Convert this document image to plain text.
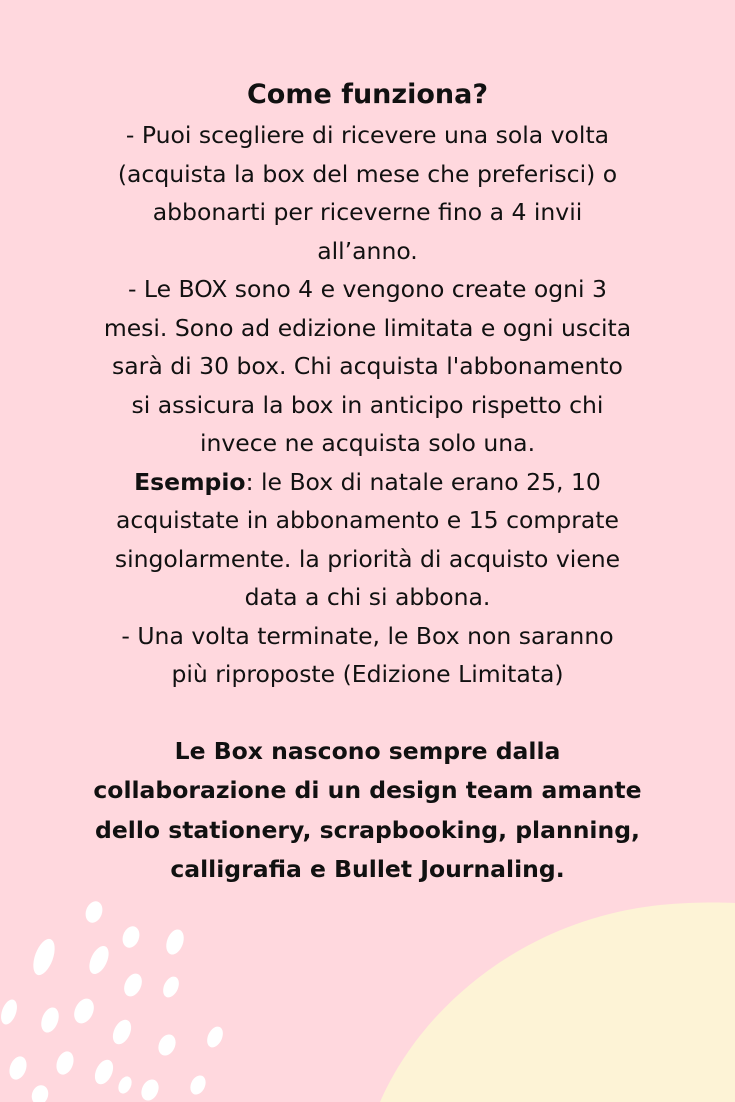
Come funziona?

- Puoi scegliere di ricevere una sola volta

(acquista la box del mese che preferisci) o

abbonarti per riceverne fino a 4 invii

all’anno.

- Le BOX sono 4 e vengono create ogni 3

mesi. Sono ad edizione limitata e ogni uscita

sarà di 30 box. Chi acquista l'abbonamento

si assicura la box in anticipo rispetto chi

invece ne acquista solo una.

Esempio: le Box di natale erano 25, 10

acquistate in abbonamento e 15 comprate

singolarmente. la priorità di acquisto viene

data a chi si abbona.

- Una volta terminate, le Box non saranno

più riproposte (Edizione Limitata)

Le Box nascono sempre dalla

collaborazione di un design team amante

dello stationery, scrapbooking, planning,

calligrafia e Bullet Journaling.
